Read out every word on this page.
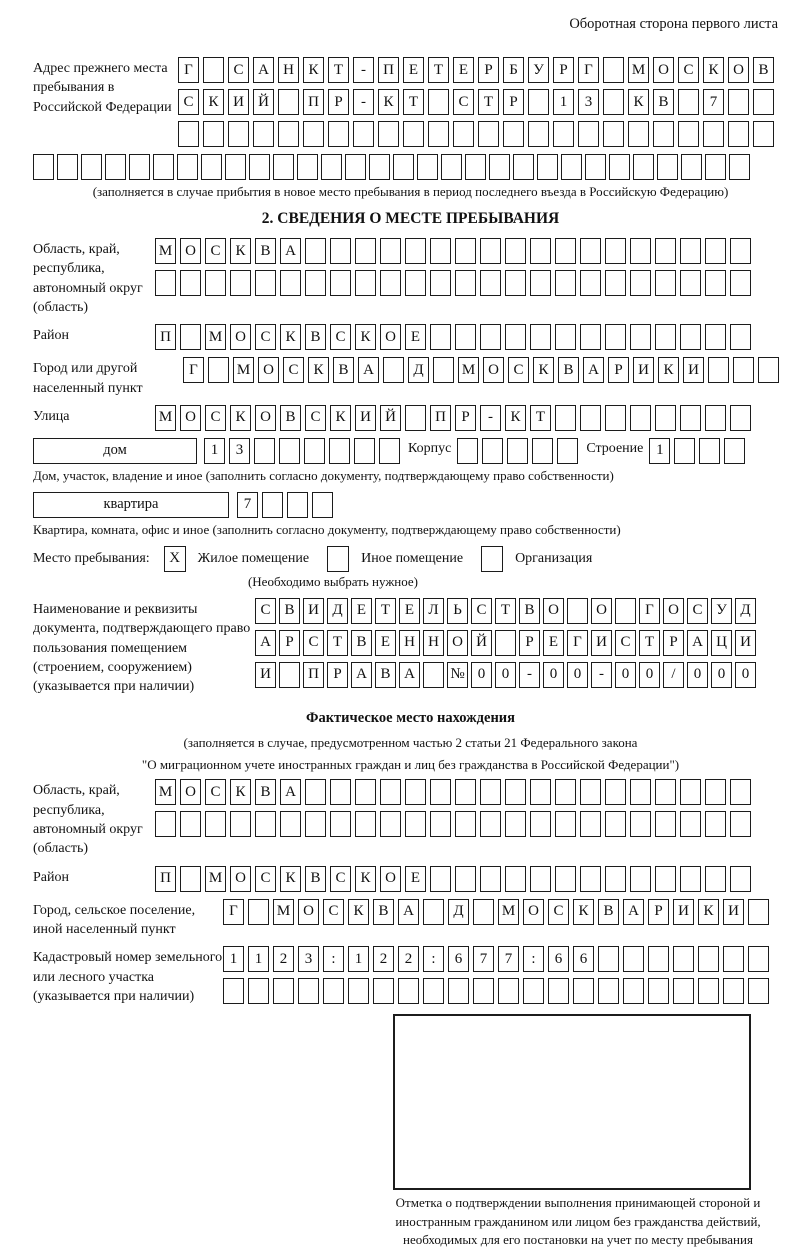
Оборотная сторона первого листа
Адрес прежнего места пребывания в Российской Федерации
Г	С А Н К	Т	-	П Е	Т	Е	Р	Б	У	Р	Г	М О С К О В
С К И Й	П	Р	-	К	Т	С	Т	Р	1	3	К В	7
(заполняется в случае прибытия в новое место пребывания в период последнего въезда в Российскую Федерацию)
2. СВЕДЕНИЯ О МЕСТЕ ПРЕБЫВАНИЯ
Область, край, республика, автономный округ (область)
М О С К В А
Район	П	М О С К В С К О Е
Город или другой населенный пункт
Г	М О С К В А	Д	М О С К В А	Р	И К И
Улица	М О С К О В С К И Й	П	Р	-	К	Т
дом	1	3	Корпус	Строение 1
Дом, участок, владение и иное (заполнить согласно документу, подтверждающему право собственности)
квартира	7
Квартира, комната, офис и иное (заполнить согласно документу, подтверждающему право собственности)
Место пребывания:	X	Жилое помещение	Иное помещение	Организация
(Необходимо выбрать нужное)
Наименование и реквизиты документа, подтверждающего право пользования помещением (строением, сооружением) (указывается при наличии)
С В И Д Е Т Е Л Ь С Т В О	О	Г О С У Д
А Р С Т В Е Н Н О Й	Р	Е	Г И С Т	Р А Ц И
И	П Р А В А	№ 0	0	-	0	0	-	0	0	/	0	0	0
Фактическое место нахождения
(заполняется в случае, предусмотренном частью 2 статьи 21 Федерального закона
"О миграционном учете иностранных граждан и лиц без гражданства в Российской Федерации")
Область, край, республика, автономный округ (область)
М О С К В А
Район	П	М О С К В С К О Е
Город, сельское поселение, иной населенный пункт
Г	М О С К В А	Д	М О С К В А	Р	И К И
Кадастровый номер земельного или лесного участка (указывается при наличии)
1	1	2	3	:	1	2	2	:	6	7	7	:	6	6
Отметка о подтверждении выполнения принимающей стороной и иностранным гражданином или лицом без гражданства действий, необходимых для его постановки на учет по месту пребывания
